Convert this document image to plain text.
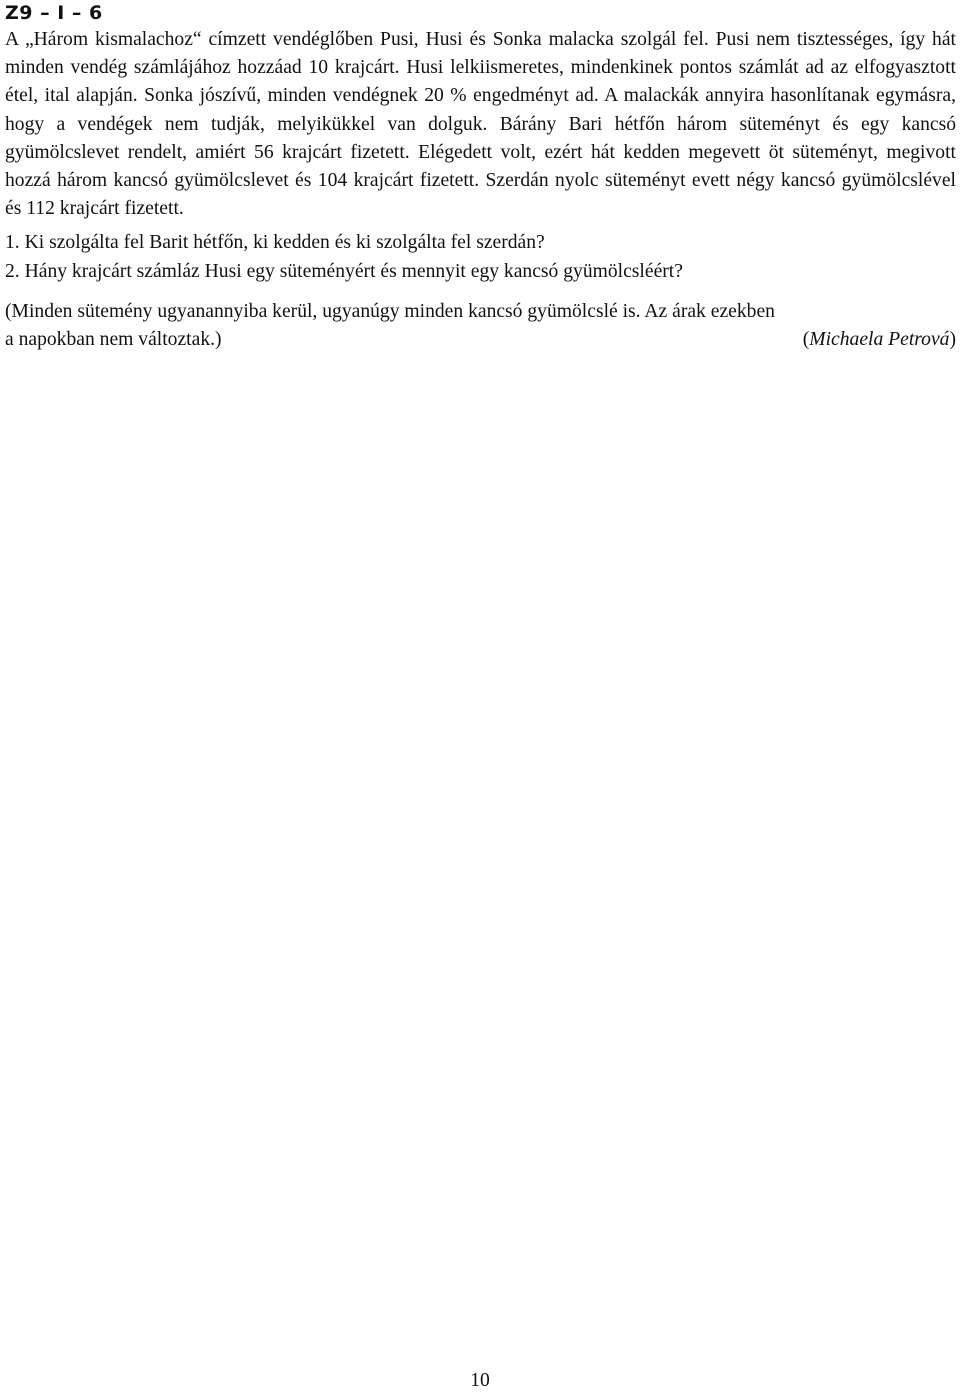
Z9 – I – 6

A „Három kismalachoz“ címzett vendéglőben Pusi, Husi és Sonka malacka szolgál fel. Pusi nem tisztességes, így hát minden vendég számlájához hozzáad 10 krajcárt. Husi lelkiismeretes, mindenkinek pontos számlát ad az elfogyasztott étel, ital alapján. Sonka jószívű, minden vendégnek 20 % engedményt ad. A malackák annyira hasonlítanak egymásra, hogy a vendégek nem tudják, melyikükkel van dolguk. Bárány Bari hétfőn három süteményt és egy kancsó gyümölcslevet rendelt, amiért 56 krajcárt fizetett. Elégedett volt, ezért hát kedden megevett öt süteményt, megivott hozzá három kancsó gyümölcslevet és 104 krajcárt fizetett. Szerdán nyolc süteményt evett négy kancsó gyümölcslével és 112 krajcárt fizetett.

1. Ki szolgálta fel Barit hétfőn, ki kedden és ki szolgálta fel szerdán?
2. Hány krajcárt számláz Husi egy süteményért és mennyit egy kancsó gyümölcsléért?

(Minden sütemény ugyanannyiba kerül, ugyanúgy minden kancsó gyümölcslé is. Az árak ezekben

a napokban nem változtak.)	(Michaela Petrová)
10
